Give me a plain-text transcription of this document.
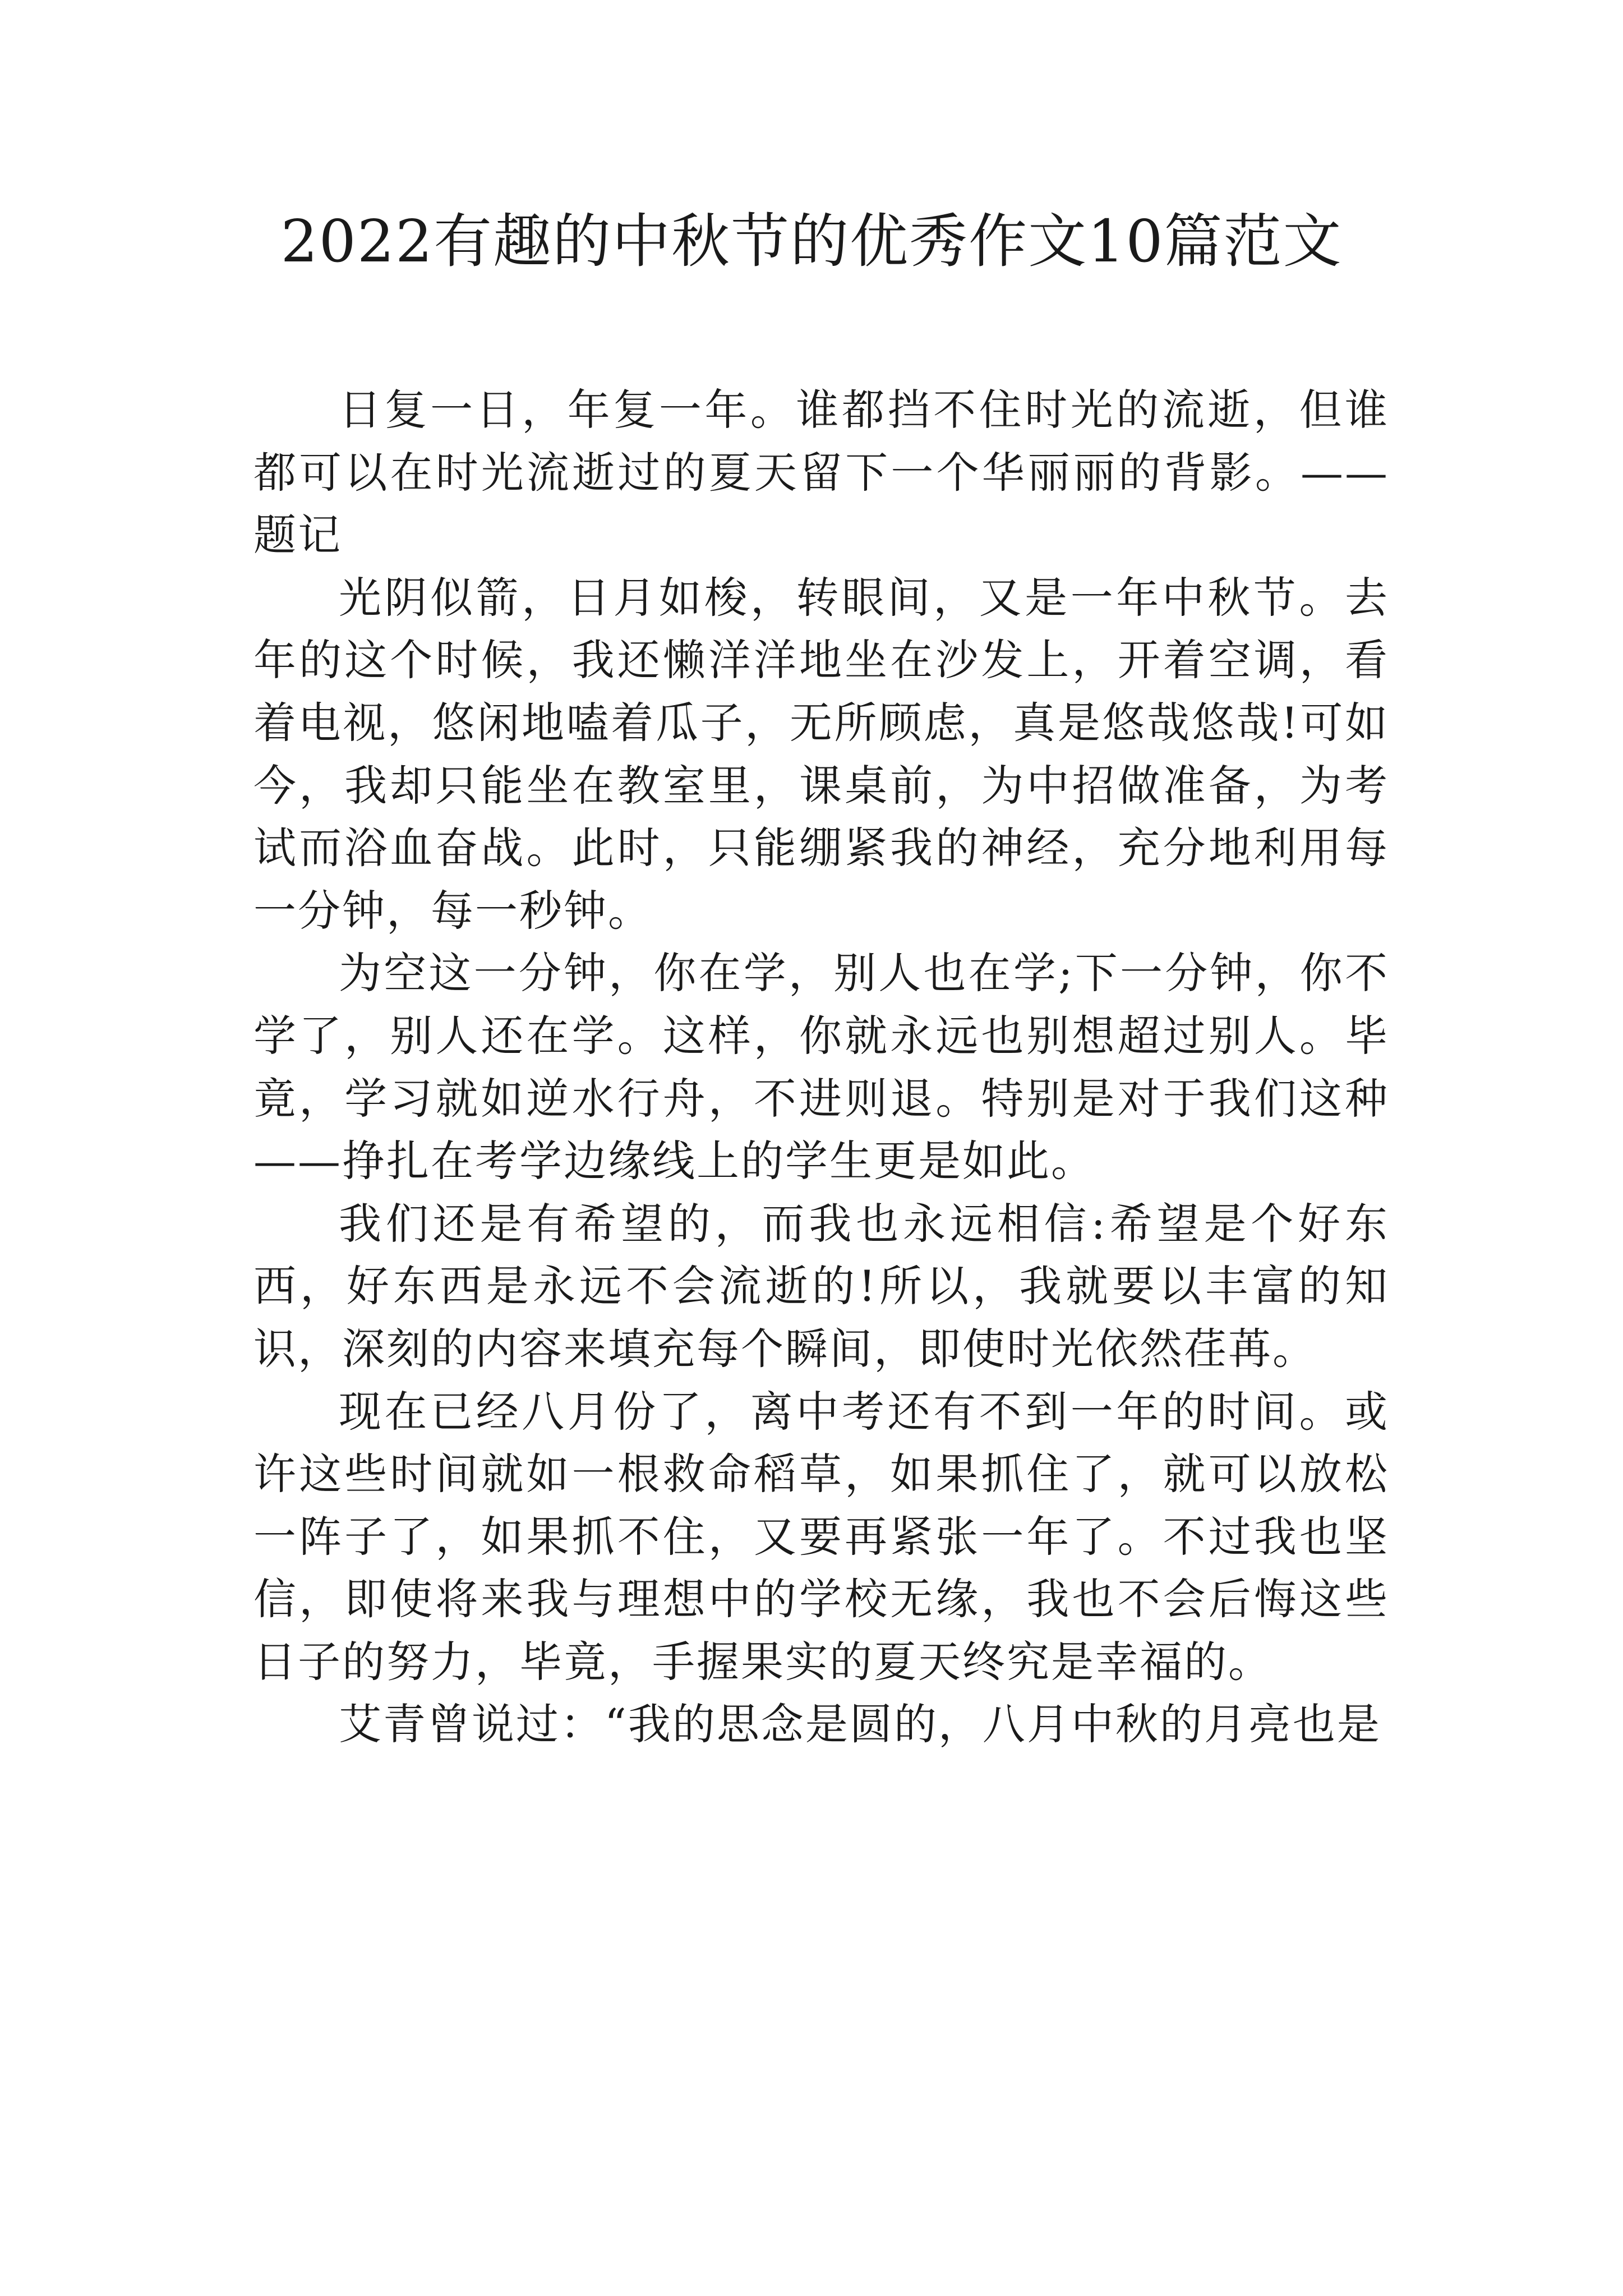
2022有趣的中秋节的优秀作文10篇范文

日复一日，年复一年。谁都挡不住时光的流逝，但谁都可以在时光流逝过的夏天留下一个华丽丽的背影。——题记

光阴似箭，日月如梭，转眼间，又是一年中秋节。去年的这个时候，我还懒洋洋地坐在沙发上，开着空调，看着电视，悠闲地嗑着瓜子，无所顾虑，真是悠哉悠哉!可如今，我却只能坐在教室里，课桌前，为中招做准备，为考试而浴血奋战。此时，只能绷紧我的神经，充分地利用每一分钟，每一秒钟。

为空这一分钟，你在学，别人也在学;下一分钟，你不学了，别人还在学。这样，你就永远也别想超过别人。毕竟，学习就如逆水行舟，不进则退。特别是对于我们这种——挣扎在考学边缘线上的学生更是如此。

我们还是有希望的，而我也永远相信:希望是个好东西，好东西是永远不会流逝的!所以，我就要以丰富的知识，深刻的内容来填充每个瞬间，即使时光依然荏苒。

现在已经八月份了，离中考还有不到一年的时间。或许这些时间就如一根救命稻草，如果抓住了，就可以放松一阵子了，如果抓不住，又要再紧张一年了。不过我也坚信，即使将来我与理想中的学校无缘，我也不会后悔这些日子的努力，毕竟，手握果实的夏天终究是幸福的。

艾青曾说过：“我的思念是圆的，八月中秋的月亮也是
